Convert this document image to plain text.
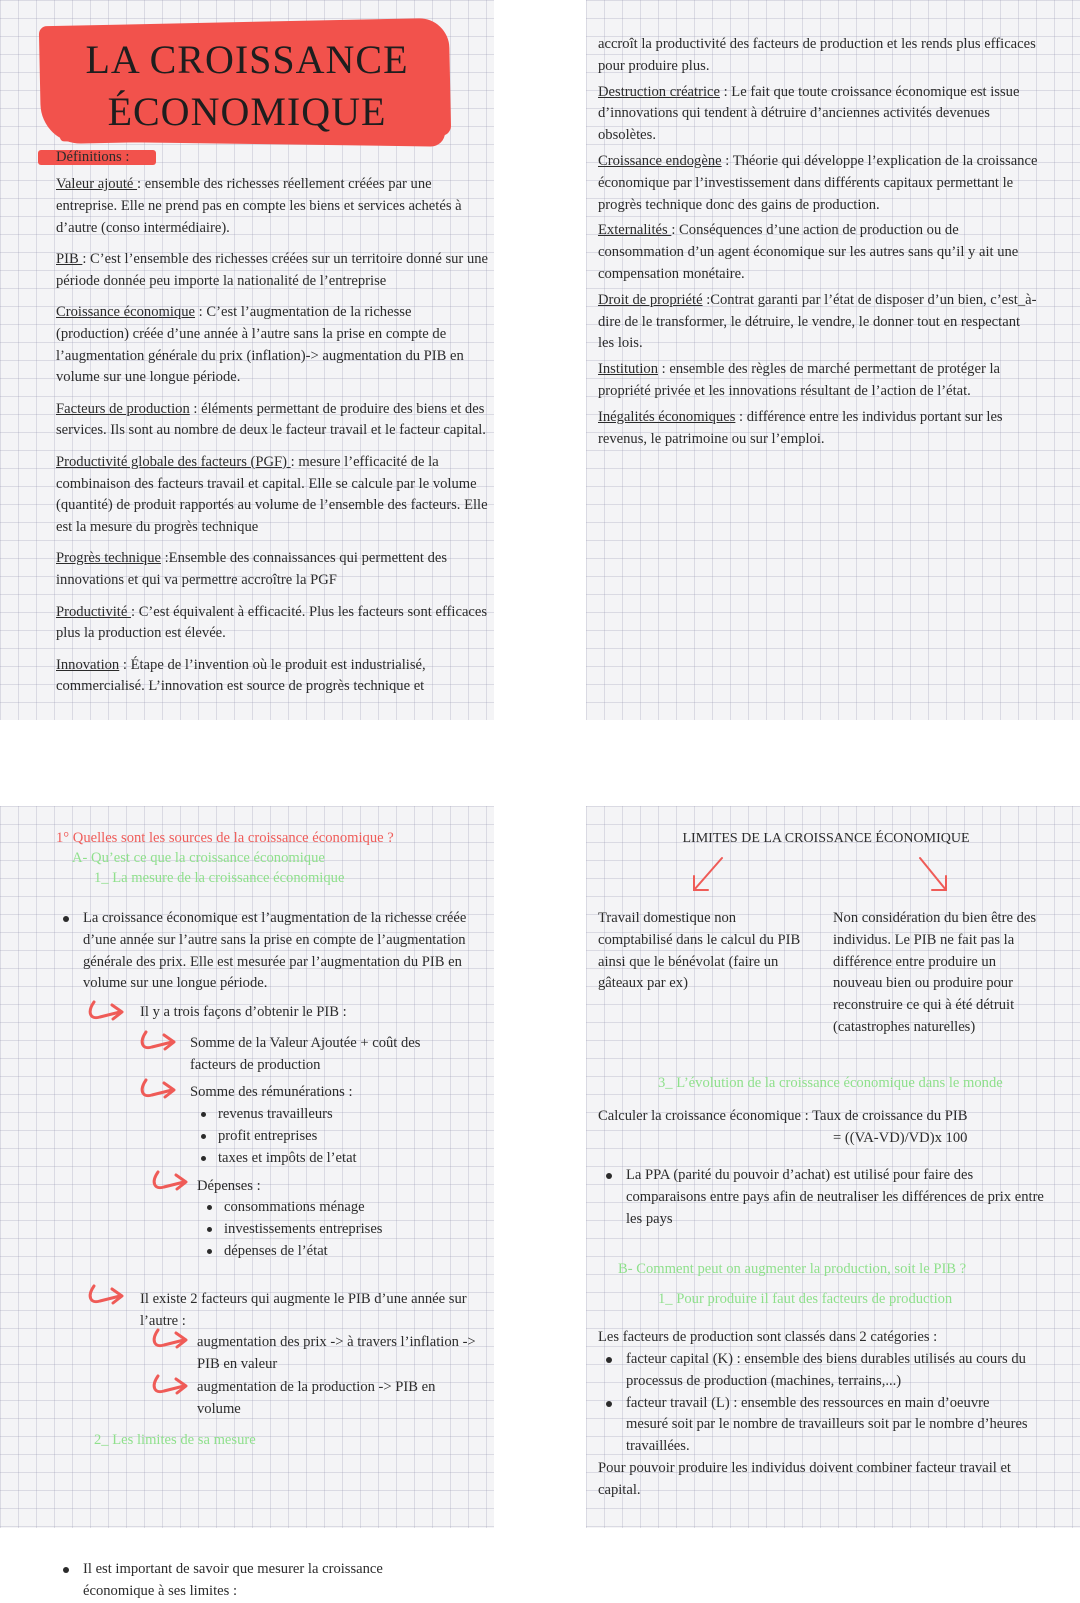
LA CROISSANCE
ÉCONOMIQUE
Définitions :

Valeur ajouté : ensemble des richesses réellement créées par une entreprise. Elle ne prend pas en compte les biens et services achetés à d’autre (conso intermédiaire).

PIB : C’est l’ensemble des richesses créées sur un territoire donné sur une période donnée peu importe la nationalité de l’entreprise

Croissance économique : C’est l’augmentation de la richesse (production) créée d’une année à l’autre sans la prise en compte de l’augmentation générale du prix (inflation)-> augmentation du PIB en volume sur une longue période.

Facteurs de production : éléments permettant de produire des biens et des services. Ils sont au nombre de deux le facteur travail et le facteur capital.

Productivité globale des facteurs (PGF) : mesure l’efficacité de la combinaison des facteurs travail et capital. Elle se calcule par le volume (quantité) de produit rapportés au volume de l’ensemble des facteurs. Elle est la mesure du progrès technique

Progrès technique :Ensemble des connaissances qui permettent des innovations et qui va permettre accroître la PGF

Productivité : C’est équivalent à efficacité. Plus les facteurs sont efficaces plus la production est élevée.

Innovation : Étape de l’invention où le produit est industrialisé, commercialisé. L’innovation est source de progrès technique et

accroît la productivité des facteurs de production et les rends plus efficaces pour produire plus.

Destruction créatrice : Le fait que toute croissance économique est issue d’innovations qui tendent à détruire d’anciennes activités devenues obsolètes.

Croissance endogène : Théorie qui développe l’explication de la croissance économique par l’investissement dans différents capitaux permettant le progrès technique donc des gains de production.

Externalités : Conséquences d’une action de production ou de consommation d’un agent économique sur les autres sans qu’il y ait une compensation monétaire.

Droit de propriété :Contrat garanti par l’état de disposer d’un bien, c’est_à-dire de le transformer, le détruire, le vendre, le donner tout en respectant les lois.

Institution : ensemble des règles de marché permettant de protéger la propriété privée et les innovations résultant de l’action de l’état.

Inégalités économiques : différence entre les individus portant sur les revenus, le patrimoine ou sur l’emploi.

1° Quelles sont les sources de la croissance économique ?
A- Qu’est ce que la croissance économique
1_ La mesure de la croissance économique
La croissance économique est l’augmentation de la richesse créée d’une année sur l’autre sans la prise en compte de l’augmentation générale des prix. Elle est mesurée par l’augmentation du PIB en volume sur une longue période.
Il y a trois façons d’obtenir le PIB :
Somme de la Valeur Ajoutée + coût des facteurs de production
Somme des rémunérations :
revenus travailleurs
profit entreprises
taxes et impôts de l’etat
Dépenses :
consommations ménage
investissements entreprises
dépenses de l’état
Il existe 2 facteurs qui augmente le PIB d’une année sur l’autre :
augmentation des prix -> à travers l’inflation -> PIB en valeur
augmentation de la production -> PIB en volume
2_ Les limites de sa mesure
Il est important de savoir que mesurer la croissance économique à ses limites :
LIMITES DE LA CROISSANCE ÉCONOMIQUE
Travail domestique non comptabilisé dans le calcul du PIB ainsi que le bénévolat (faire un gâteaux par ex)
Non considération du bien être des individus. Le PIB ne fait pas la différence entre produire un nouveau bien ou produire pour reconstruire ce qui à été détruit (catastrophes naturelles)
3_ L’évolution de la croissance économique dans le monde
Calculer la croissance économique : Taux de croissance du PIB
= ((VA-VD)/VD)x 100
La PPA (parité du pouvoir d’achat) est utilisé pour faire des comparaisons entre pays afin de neutraliser les différences de prix entre les pays
B- Comment peut on augmenter la production, soit le PIB ?
1_ Pour produire il faut des facteurs de production
Les facteurs de production sont classés dans 2 catégories :
facteur capital (K) : ensemble des biens durables utilisés au cours du processus de production (machines, terrains,...)
facteur travail (L) : ensemble des ressources en main d’oeuvre mesuré soit par le nombre de travailleurs soit par le nombre d’heures travaillées.
Pour pouvoir produire les individus doivent combiner facteur travail et capital.
